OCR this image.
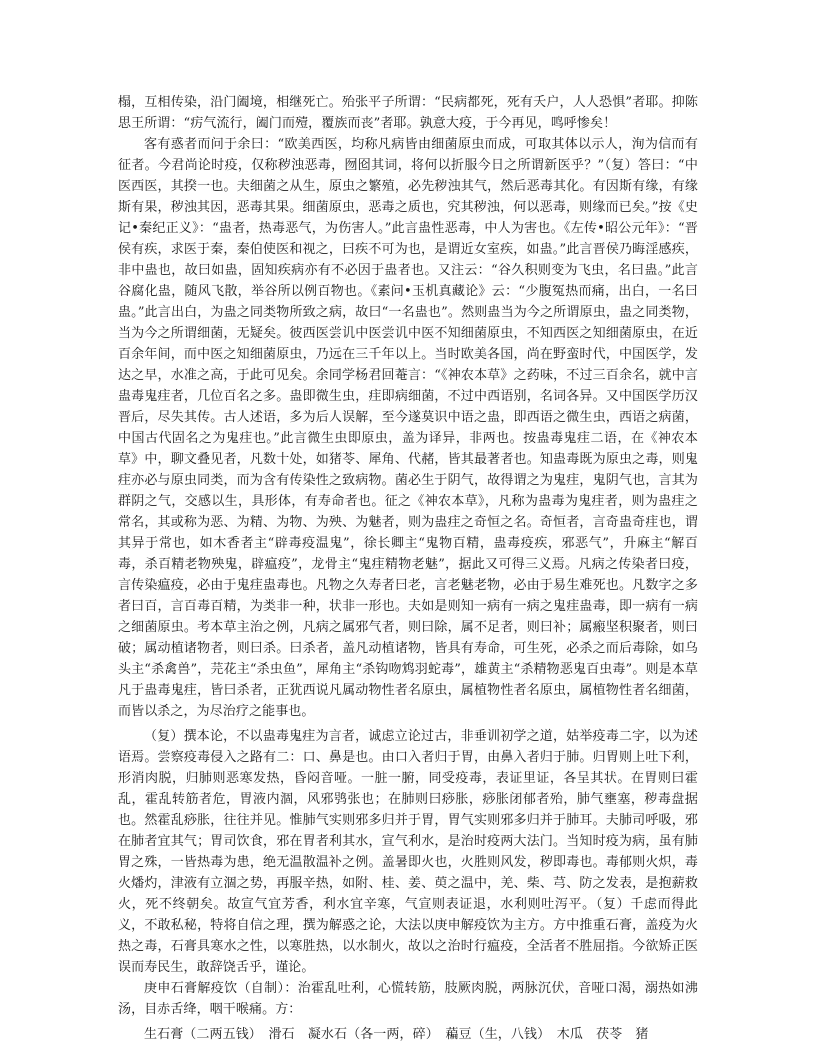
榻，互相传染，沿门阖境，相继死亡。殆张平子所谓：“民病都死，死有夭户，人人恐惧”者耶。抑陈思王所谓：“疠气流行，阖门而殪，覆族而丧”者耶。孰意大疫，于今再见，鸣呼惨矣！

客有惑者而问于余曰：“欧美西医，均称凡病皆由细菌原虫而成，可取其体以示人，洵为信而有征者。今君尚论时疫，仅称秽浊恶毒，囫囵其词，将何以折服今日之所谓新医乎？”（复）答曰：“中医西医，其揆一也。夫细菌之从生，原虫之繁殖，必先秽浊其气，然后恶毒其化。有因斯有缘，有缘斯有果，秽浊其因，恶毒其果。细菌原虫，恶毒之质也，究其秽浊，何以恶毒，则缘而已矣。”按《史记•秦纪正义》：“蛊者，热毒恶气，为伤害人。”此言蛊性恶毒，中人为害也。《左传•昭公元年》：“晋侯有疾，求医于秦，秦伯使医和视之，曰疾不可为也，是谓近女室疾，如蛊。”此言晋侯乃晦淫感疾，非中蛊也，故曰如蛊，固知疾病亦有不必因于蛊者也。又注云：“谷久积则变为飞虫，名曰蛊。”此言谷腐化蛊，随风飞散，举谷所以例百物也。《素问•玉机真藏论》云：“少腹冤热而痛，出白，一名曰蛊。”此言出白，为蛊之同类物所致之病，故曰“一名蛊也”。然则蛊当为今之所谓原虫，蛊之同类物，当为今之所谓细菌，无疑矣。彼西医尝讥中医尝讥中医不知细菌原虫，不知西医之知细菌原虫，在近百余年间，而中医之知细菌原虫，乃远在三千年以上。当时欧美各国，尚在野蛮时代，中国医学，发达之早，水准之高，于此可见矣。余同学杨君回菴言：“《神农本草》之药味，不过三百余名，就中言蛊毒鬼疰者，几位百名之多。蛊即微生虫，疰即病细菌，不过中西语别，名词各异。又中国医学历汉晋后，尽失其传。古人述语，多为后人误解，至今遂莫识中语之蛊，即西语之微生虫，西语之病菌，中国古代固名之为鬼疰也。”此言微生虫即原虫，盖为译异，非两也。按蛊毒鬼疰二语，在《神农本草》中，聊文叠见者，凡数十处，如猪苓、犀角、代赭，皆其最著者也。知蛊毒既为原虫之毒，则鬼疰亦必与原虫同类，而为含有传染性之致病物。菌必生于阴气，故得谓之为鬼疰，鬼阴气也，言其为群阴之气，交感以生，具形体，有寿命者也。征之《神农本草》，凡称为蛊毒为鬼疰者，则为蛊疰之常名，其或称为恶、为精、为物、为殃、为魅者，则为蛊疰之奇恒之名。奇恒者，言奇蛊奇疰也，谓其异于常也，如木香者主“辟毒疫温鬼”，徐长卿主“鬼物百精，蛊毒疫疾，邪恶气”，升麻主“解百毒，杀百精老物殃鬼，辟瘟疫”，龙骨主“鬼疰精物老魅”，据此又可得三义焉。凡病之传染者曰疫，言传染瘟疫，必由于鬼疰蛊毒也。凡物之久寿者曰老，言老魅老物，必由于易生难死也。凡数字之多者曰百，言百毒百精，为类非一种，状非一形也。夫如是则知一病有一病之鬼疰蛊毒，即一病有一病之细菌原虫。考本草主治之例，凡病之属邪气者，则曰除，属不足者，则曰补；属瘢坚积聚者，则曰破；属动植诸物者，则曰杀。曰杀者，盖凡动植诸物，皆具有寿命，可生死，必杀之而后毒除，如乌头主“杀禽兽”，芫花主“杀虫鱼”，犀角主“杀钩吻鸩羽蛇毒”，雄黄主“杀精物恶鬼百虫毒”。则是本草凡于蛊毒鬼疰，皆曰杀者，正犹西说凡属动物性者名原虫，属植物性者名原虫，属植物性者名细菌，而皆以杀之，为尽治疗之能事也。

（复）撰本论，不以蛊毒鬼疰为言者，诚虑立论过古，非垂训初学之道，姑举疫毒二字，以为述语焉。尝察疫毒侵入之路有二：口、鼻是也。由口入者归于胃，由鼻入者归于肺。归胃则上吐下利，形消肉脱，归肺则恶寒发热，昏闷音哑。一脏一腑，同受疫毒，表证里证，各呈其状。在胃则曰霍乱，霍乱转筋者危，胃液内涸，风邪鸮张也；在肺则曰痧胀，痧胀闭郁者殆，肺气壅塞，秽毒盘据也。然霍乱痧胀，往往并见。惟肺气实则邪多归并于胃，胃气实则邪多归并于肺耳。夫肺司呼吸，邪在肺者宜其气；胃司饮食，邪在胃者利其水，宣气利水，是治时疫两大法门。当知时疫为病，虽有肺胃之殊，一皆热毒为患，绝无温散温补之例。盖暑即火也，火胜则风发，秽即毒也。毒郁则火炽，毒火燔灼，津液有立涸之势，再服辛热，如附、桂、姜、萸之温中，羌、柴、芎、防之发表，是抱薪救火，死不终朝矣。故宣气宜芳香，利水宜辛寒，气宣则表证退，水利则吐泻平。（复）千虑而得此义，不敢私秘，特将自信之理，撰为解惑之论，大法以庚申解疫饮为主方。方中推重石膏，盖疫为火热之毒，石膏具寒水之性，以寒胜热，以水制火，故以之治时行瘟疫，全活者不胜屈指。今欲矫正医误而寿民生，敢辞饶舌乎，谨论。

庚申石膏解疫饮（自制）：治霍乱吐利，心慌转筋，肢厥肉脱，两脉沉伏，音哑口渴，溺热如沸汤，目赤舌绛，咽干喉痛。方：

生石膏（二两五钱）　滑石　凝水石（各一两，碎）　藊豆（生，八钱）　木瓜　茯苓　猪
